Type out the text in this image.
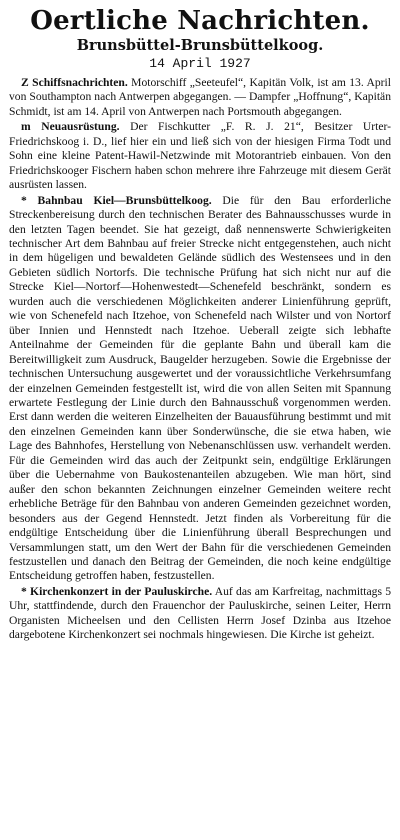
Oertliche Nachrichten.
Brunsbüttel-Brunsbüttelkoog.
14 April 1927

Z Schiffsnachrichten. Motorschiff „Seeteufel“, Kapitän Volk, ist am 13. April von Southampton nach Antwerpen abgegangen. — Dampfer „Hoffnung“, Kapitän Schmidt, ist am 14. April von Antwerpen nach Portsmouth abgegangen.

m Neuausrüstung. Der Fischkutter „F. R. J. 21“, Besitzer Urter-Friedrichskoog i. D., lief hier ein und ließ sich von der hiesigen Firma Todt und Sohn eine kleine Patent-Hawil-Netzwinde mit Motorantrieb einbauen. Von den Friedrichskooger Fischern haben schon mehrere ihre Fahrzeuge mit diesem Gerät ausrüsten lassen.

* Bahnbau Kiel—Brunsbüttelkoog. Die für den Bau erforderliche Streckenbereisung durch den technischen Berater des Bahnausschusses wurde in den letzten Tagen beendet. Sie hat gezeigt, daß nennenswerte Schwierigkeiten technischer Art dem Bahnbau auf freier Strecke nicht entgegenstehen, auch nicht in dem hügeligen und bewaldeten Gelände südlich des Westensees und in den Gebieten südlich Nortorfs. Die technische Prüfung hat sich nicht nur auf die Strecke Kiel—Nortorf—Hohenwestedt—Schenefeld beschränkt, sondern es wurden auch die verschiedenen Möglichkeiten anderer Linienführung geprüft, wie von Schenefeld nach Itzehoe, von Schenefeld nach Wilster und von Nortorf über Innien und Hennstedt nach Itzehoe. Ueberall zeigte sich lebhafte Anteilnahme der Gemeinden für die geplante Bahn und überall kam die Bereitwilligkeit zum Ausdruck, Baugelder herzugeben. Sowie die Ergebnisse der technischen Untersuchung ausgewertet und der voraussichtliche Verkehrsumfang der einzelnen Gemeinden festgestellt ist, wird die von allen Seiten mit Spannung erwartete Festlegung der Linie durch den Bahnausschuß vorgenommen werden. Erst dann werden die weiteren Einzelheiten der Bauausführung bestimmt und mit den einzelnen Gemeinden kann über Sonderwünsche, die sie etwa haben, wie Lage des Bahnhofes, Herstellung von Nebenanschlüssen usw. verhandelt werden. Für die Gemeinden wird das auch der Zeitpunkt sein, endgültige Erklärungen über die Uebernahme von Baukostenanteilen abzugeben. Wie man hört, sind außer den schon bekannten Zeichnungen einzelner Gemeinden weitere recht erhebliche Beträge für den Bahnbau von anderen Gemeinden gezeichnet worden, besonders aus der Gegend Hennstedt. Jetzt finden als Vorbereitung für die endgültige Entscheidung über die Linienführung überall Besprechungen und Versammlungen statt, um den Wert der Bahn für die verschiedenen Gemeinden festzustellen und danach den Beitrag der Gemeinden, die noch keine endgültige Entscheidung getroffen haben, festzustellen.

* Kirchenkonzert in der Pauluskirche. Auf das am Karfreitag, nachmittags 5 Uhr, stattfindende, durch den Frauenchor der Pauluskirche, seinen Leiter, Herrn Organisten Micheelsen und den Cellisten Herrn Josef Dzinba aus Itzehoe dargebotene Kirchenkonzert sei nochmals hingewiesen. Die Kirche ist geheizt.
